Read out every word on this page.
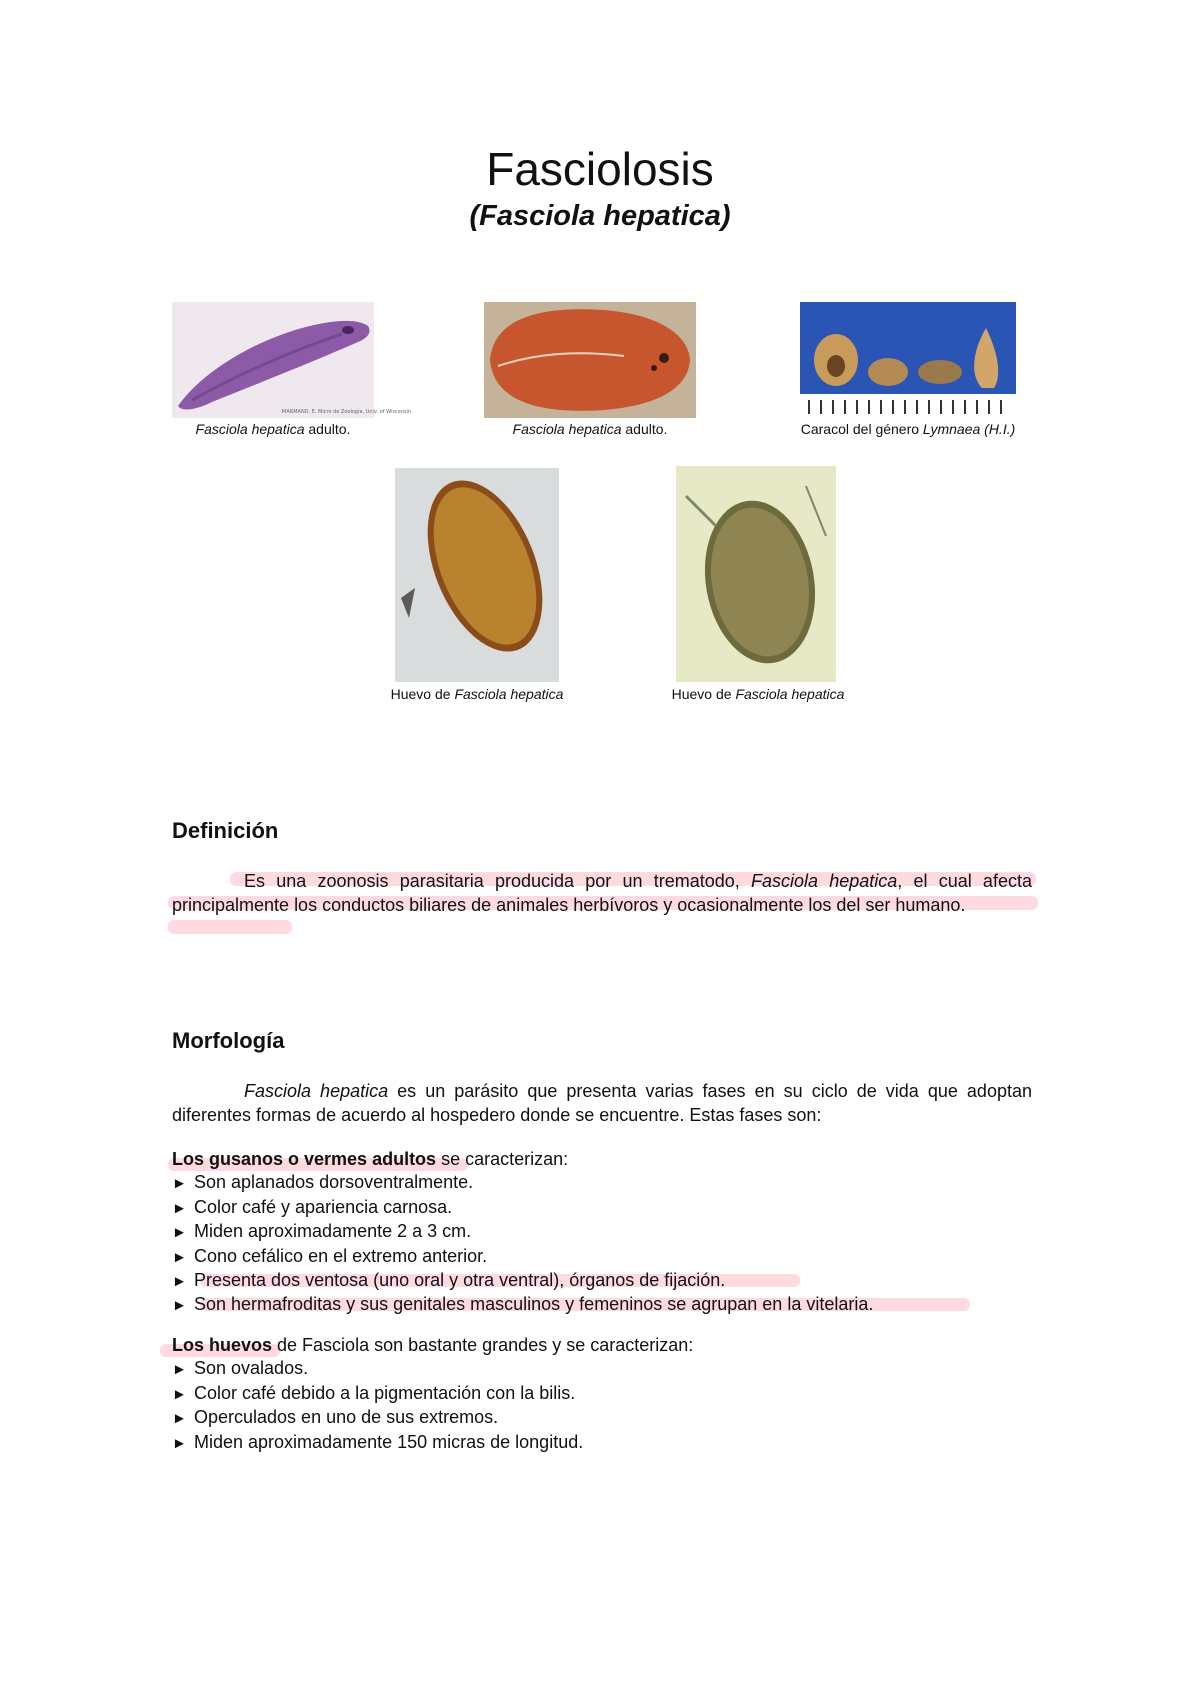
Fasciolosis
(Fasciola hepatica)
MARMAND, E. Micro de Zoología, Univ. of Wisconsin
Fasciola hepatica adulto.	Fasciola hepatica adulto.	Caracol del género Lymnaea (H.I.)
Huevo de Fasciola hepatica	Huevo de Fasciola hepatica
Definición
Es una zoonosis parasitaria producida por un trematodo, Fasciola hepatica, el cual afecta principalmente los conductos biliares de animales herbívoros y ocasionalmente los del ser humano.
Morfología
Fasciola hepatica es un parásito que presenta varias fases en su ciclo de vida que adoptan diferentes formas de acuerdo al hospedero donde se encuentre. Estas fases son:
Los gusanos o vermes adultos se caracterizan:
► Son aplanados dorsoventralmente.
► Color café y apariencia carnosa.
► Miden aproximadamente 2 a 3 cm.
► Cono cefálico en el extremo anterior.
► Presenta dos ventosa (uno oral y otra ventral), órganos de fijación.
► Son hermafroditas y sus genitales masculinos y femeninos se agrupan en la vitelaria.
Los huevos de Fasciola son bastante grandes y se caracterizan:
► Son ovalados.
► Color café debido a la pigmentación con la bilis.
► Operculados en uno de sus extremos.
► Miden aproximadamente 150 micras de longitud.
